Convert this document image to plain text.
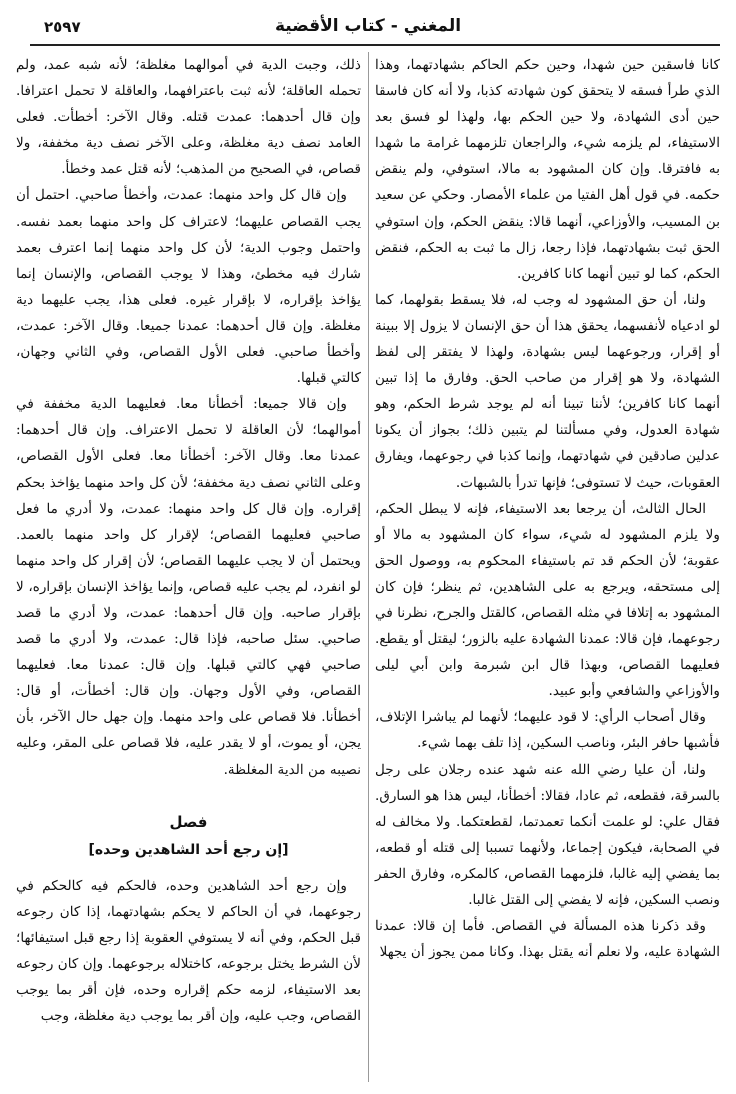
المغني - كتاب الأقضية
٢٥٩٧

كانا فاسقين حين شهدا، وحين حكم الحاكم بشهادتهما، وهذا الذي طرأ فسقه لا يتحقق كون شهادته كذبا، ولا أنه كان فاسقا حين أدى الشهادة، ولا حين الحكم بها، ولهذا لو فسق بعد الاستيفاء، لم يلزمه شيء، والراجعان تلزمهما غرامة ما شهدا به فافترقا. وإن كان المشهود به مالا، استوفي، ولم ينقض حكمه. في قول أهل الفتيا من علماء الأمصار. وحكي عن سعيد بن المسيب، والأوزاعي، أنهما قالا: ينقض الحكم، وإن استوفي الحق ثبت بشهادتهما، فإذا رجعا، زال ما ثبت به الحكم، فنقض الحكم، كما لو تبين أنهما كانا كافرين.

ولنا، أن حق المشهود له وجب له، فلا يسقط بقولهما، كما لو ادعياه لأنفسهما، يحقق هذا أن حق الإنسان لا يزول إلا ببينة أو إقرار، ورجوعهما ليس بشهادة، ولهذا لا يفتقر إلى لفظ الشهادة، ولا هو إقرار من صاحب الحق. وفارق ما إذا تبين أنهما كانا كافرين؛ لأننا تبينا أنه لم يوجد شرط الحكم، وهو شهادة العدول، وفي مسألتنا لم يتبين ذلك؛ بجواز أن يكونا عدلين صادقين في شهادتهما، وإنما كذبا في رجوعهما، ويفارق العقوبات، حيث لا تستوفى؛ فإنها تدرأ بالشبهات.

الحال الثالث، أن يرجعا بعد الاستيفاء، فإنه لا يبطل الحكم، ولا يلزم المشهود له شيء، سواء كان المشهود به مالا أو عقوبة؛ لأن الحكم قد تم باستيفاء المحكوم به، ووصول الحق إلى مستحقه، ويرجع به على الشاهدين، ثم ينظر؛ فإن كان المشهود به إتلافا في مثله القصاص، كالقتل والجرح، نظرنا في رجوعهما، فإن قالا: عمدنا الشهادة عليه بالزور؛ ليقتل أو يقطع. فعليهما القصاص، وبهذا قال ابن شبرمة وابن أبي ليلى والأوزاعي والشافعي وأبو عبيد.

وقال أصحاب الرأي: لا قود عليهما؛ لأنهما لم يباشرا الإتلاف، فأشبها حافر البئر، وناصب السكين، إذا تلف بهما شيء.

ولنا، أن عليا رضي الله عنه شهد عنده رجلان على رجل بالسرقة، فقطعه، ثم عادا، فقالا: أخطأنا، ليس هذا هو السارق. فقال علي: لو علمت أنكما تعمدتما، لقطعتكما. ولا مخالف له في الصحابة، فيكون إجماعا، ولأنهما تسببا إلى قتله أو قطعه، بما يفضي إليه غالبا، فلزمهما القصاص، كالمكره، وفارق الحفر ونصب السكين، فإنه لا يفضي إلى القتل غالبا.

وقد ذكرنا هذه المسألة في القصاص. فأما إن قالا: عمدنا الشهادة عليه، ولا نعلم أنه يقتل بهذا. وكانا ممن يجوز أن يجهلا

ذلك، وجبت الدية في أموالهما مغلظة؛ لأنه شبه عمد، ولم تحمله العاقلة؛ لأنه ثبت باعترافهما، والعاقلة لا تحمل اعترافا. وإن قال أحدهما: عمدت قتله. وقال الآخر: أخطأت. فعلى العامد نصف دية مغلظة، وعلى الآخر نصف دية مخففة، ولا قصاص، في الصحيح من المذهب؛ لأنه قتل عمد وخطأ.

وإن قال كل واحد منهما: عمدت، وأخطأ صاحبي. احتمل أن يجب القصاص عليهما؛ لاعتراف كل واحد منهما بعمد نفسه. واحتمل وجوب الدية؛ لأن كل واحد منهما إنما اعترف بعمد شارك فيه مخطئ، وهذا لا يوجب القصاص، والإنسان إنما يؤاخذ بإقراره، لا بإقرار غيره. فعلى هذا، يجب عليهما دية مغلظة. وإن قال أحدهما: عمدنا جميعا. وقال الآخر: عمدت، وأخطأ صاحبي. فعلى الأول القصاص، وفي الثاني وجهان، كالتي قبلها.

وإن قالا جميعا: أخطأنا معا. فعليهما الدية مخففة في أموالهما؛ لأن العاقلة لا تحمل الاعتراف. وإن قال أحدهما: عمدنا معا. وقال الآخر: أخطأنا معا. فعلى الأول القصاص، وعلى الثاني نصف دية مخففة؛ لأن كل واحد منهما يؤاخذ بحكم إقراره. وإن قال كل واحد منهما: عمدت، ولا أدري ما فعل صاحبي فعليهما القصاص؛ لإقرار كل واحد منهما بالعمد. ويحتمل أن لا يجب عليهما القصاص؛ لأن إقرار كل واحد منهما لو انفرد، لم يجب عليه قصاص، وإنما يؤاخذ الإنسان بإقراره، لا بإقرار صاحبه. وإن قال أحدهما: عمدت، ولا أدري ما قصد صاحبي. سئل صاحبه، فإذا قال: عمدت، ولا أدري ما قصد صاحبي فهي كالتي قبلها. وإن قال: عمدنا معا. فعليهما القصاص، وفي الأول وجهان. وإن قال: أخطأت، أو قال: أخطأنا. فلا قصاص على واحد منهما. وإن جهل حال الآخر، بأن يجن، أو يموت، أو لا يقدر عليه، فلا قصاص على المقر، وعليه نصيبه من الدية المغلظة.

فصل

[إن رجع أحد الشاهدين وحده]

وإن رجع أحد الشاهدين وحده، فالحكم فيه كالحكم في رجوعهما، في أن الحاكم لا يحكم بشهادتهما، إذا كان رجوعه قبل الحكم، وفي أنه لا يستوفي العقوبة إذا رجع قبل استيفائها؛ لأن الشرط يختل برجوعه، كاختلاله برجوعهما. وإن كان رجوعه بعد الاستيفاء، لزمه حكم إقراره وحده، فإن أقر بما يوجب القصاص، وجب عليه، وإن أقر بما يوجب دية مغلظة، وجب
